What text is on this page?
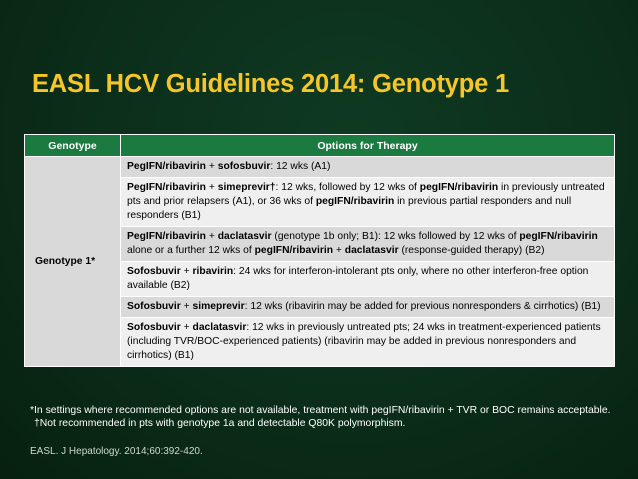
EASL HCV Guidelines 2014: Genotype 1
Genotype	Options for Therapy
Genotype 1*	PegIFN/ribavirin + sofosbuvir: 12 wks (A1)
	PegIFN/ribavirin + simeprevir†: 12 wks, followed by 12 wks of pegIFN/ribavirin in previously untreated pts and prior relapsers (A1), or 36 wks of pegIFN/ribavirin in previous partial responders and null responders (B1)
	PegIFN/ribavirin + daclatasvir (genotype 1b only; B1): 12 wks followed by 12 wks of pegIFN/ribavirin alone or a further 12 wks of pegIFN/ribavirin + daclatasvir (response-guided therapy) (B2)
	Sofosbuvir + ribavirin: 24 wks for interferon-intolerant pts only, where no other interferon-free option available (B2)
	Sofosbuvir + simeprevir: 12 wks (ribavirin may be added for previous nonresponders & cirrhotics) (B1)
	Sofosbuvir + daclatasvir: 12 wks in previously untreated pts; 24 wks in treatment-experienced patients (including TVR/BOC-experienced patients) (ribavirin may be added in previous nonresponders and cirrhotics) (B1)
*In settings where recommended options are not available, treatment with pegIFN/ribavirin + TVR or BOC remains acceptable.
†Not recommended in pts with genotype 1a and detectable Q80K polymorphism.
EASL. J Hepatology. 2014;60:392-420.
